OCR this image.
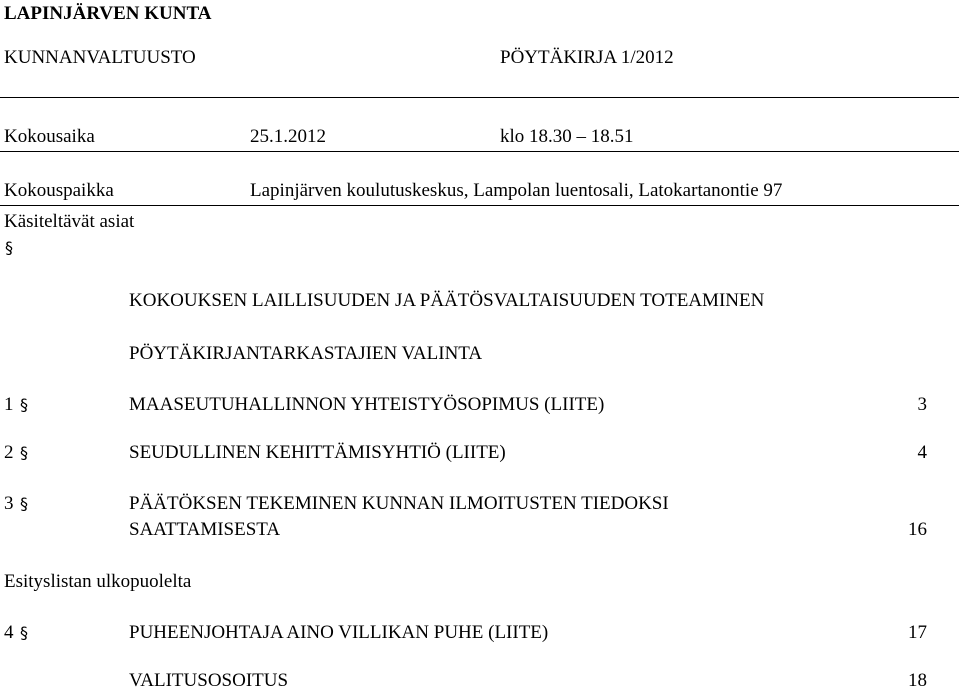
LAPINJÄRVEN KUNTA
KUNNANVALTUUSTO	PÖYTÄKIRJA 1/2012
Kokousaika	25.1.2012	klo 18.30 – 18.51
Kokouspaikka	Lapinjärven koulutuskeskus, Lampolan luentosali, Latokartanontie 97
Käsiteltävät asiat
§
KOKOUKSEN LAILLISUUDEN JA PÄÄTÖSVALTAISUUDEN TOTEAMINEN
PÖYTÄKIRJANTARKASTAJIEN VALINTA
1 §	MAASEUTUHALLINNON YHTEISTYÖSOPIMUS (LIITE)	3
2 §	SEUDULLINEN KEHITTÄMISYHTIÖ (LIITE)	4
3 §	PÄÄTÖKSEN TEKEMINEN KUNNAN ILMOITUSTEN TIEDOKSI
SAATTAMISESTA	16
Esityslistan ulkopuolelta
4 §	PUHEENJOHTAJA AINO VILLIKAN PUHE (LIITE)	17
VALITUSOSOITUS	18
